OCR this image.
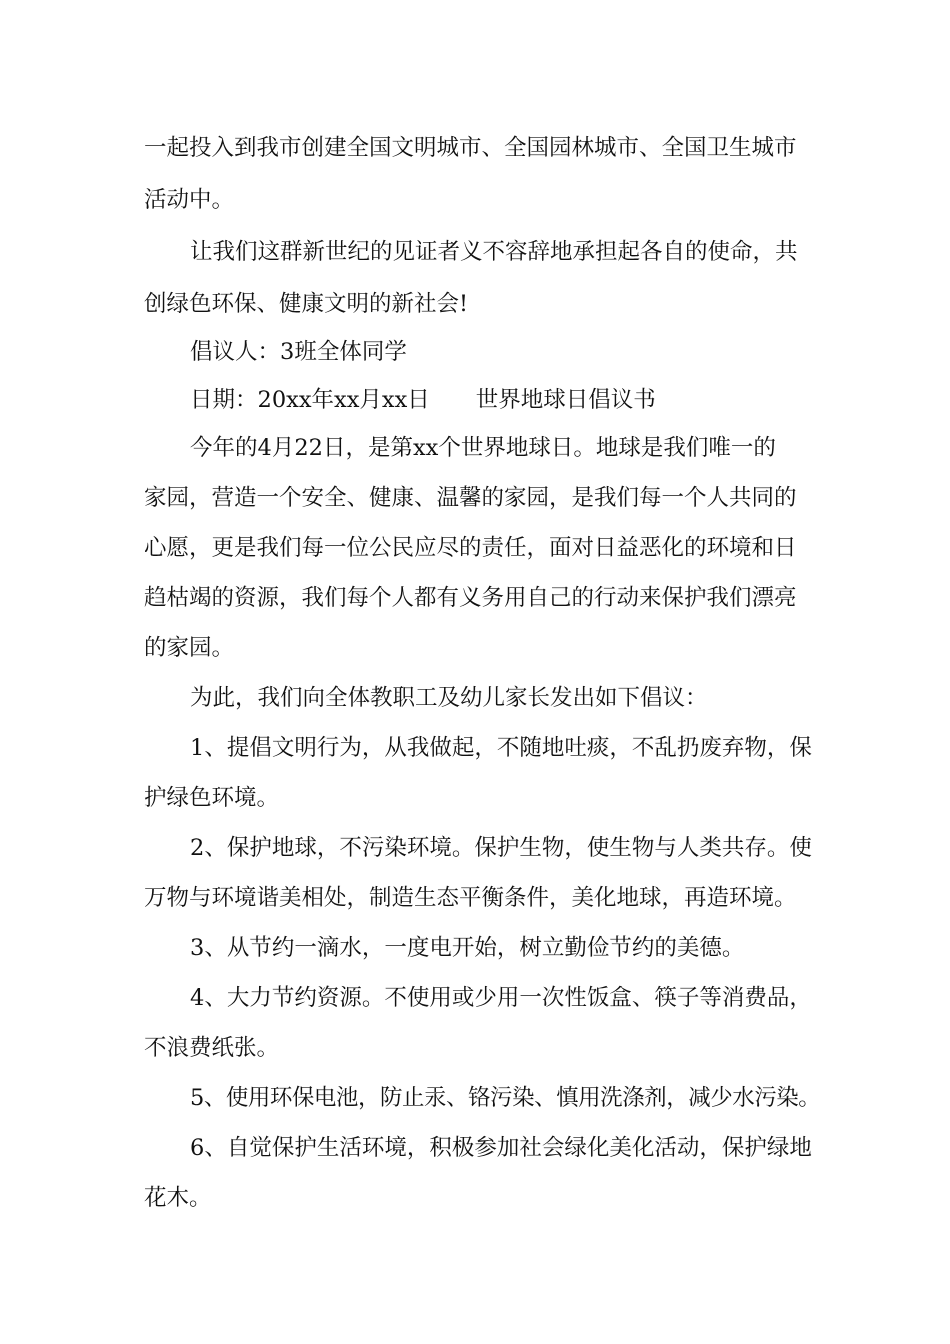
一起投入到我市创建全国文明城市、全国园林城市、全国卫生城市
活动中。
让我们这群新世纪的见证者义不容辞地承担起各自的使命，共
创绿色环保、健康文明的新社会!
倡议人：3班全体同学
日期：20xx年xx月xx日 世界地球日倡议书
今年的4月22日，是第xx个世界地球日。地球是我们唯一的
家园，营造一个安全、健康、温馨的家园，是我们每一个人共同的
心愿，更是我们每一位公民应尽的责任，面对日益恶化的环境和日
趋枯竭的资源，我们每个人都有义务用自己的行动来保护我们漂亮
的家园。
为此，我们向全体教职工及幼儿家长发出如下倡议：
1、提倡文明行为，从我做起，不随地吐痰，不乱扔废弃物，保
护绿色环境。
2、保护地球，不污染环境。保护生物，使生物与人类共存。使
万物与环境谐美相处，制造生态平衡条件，美化地球，再造环境。
3、从节约一滴水，一度电开始，树立勤俭节约的美德。
4、大力节约资源。不使用或少用一次性饭盒、筷子等消费品，
不浪费纸张。
5、使用环保电池，防止汞、铬污染、慎用洗涤剂，减少水污染。
6、自觉保护生活环境，积极参加社会绿化美化活动，保护绿地
花木。
